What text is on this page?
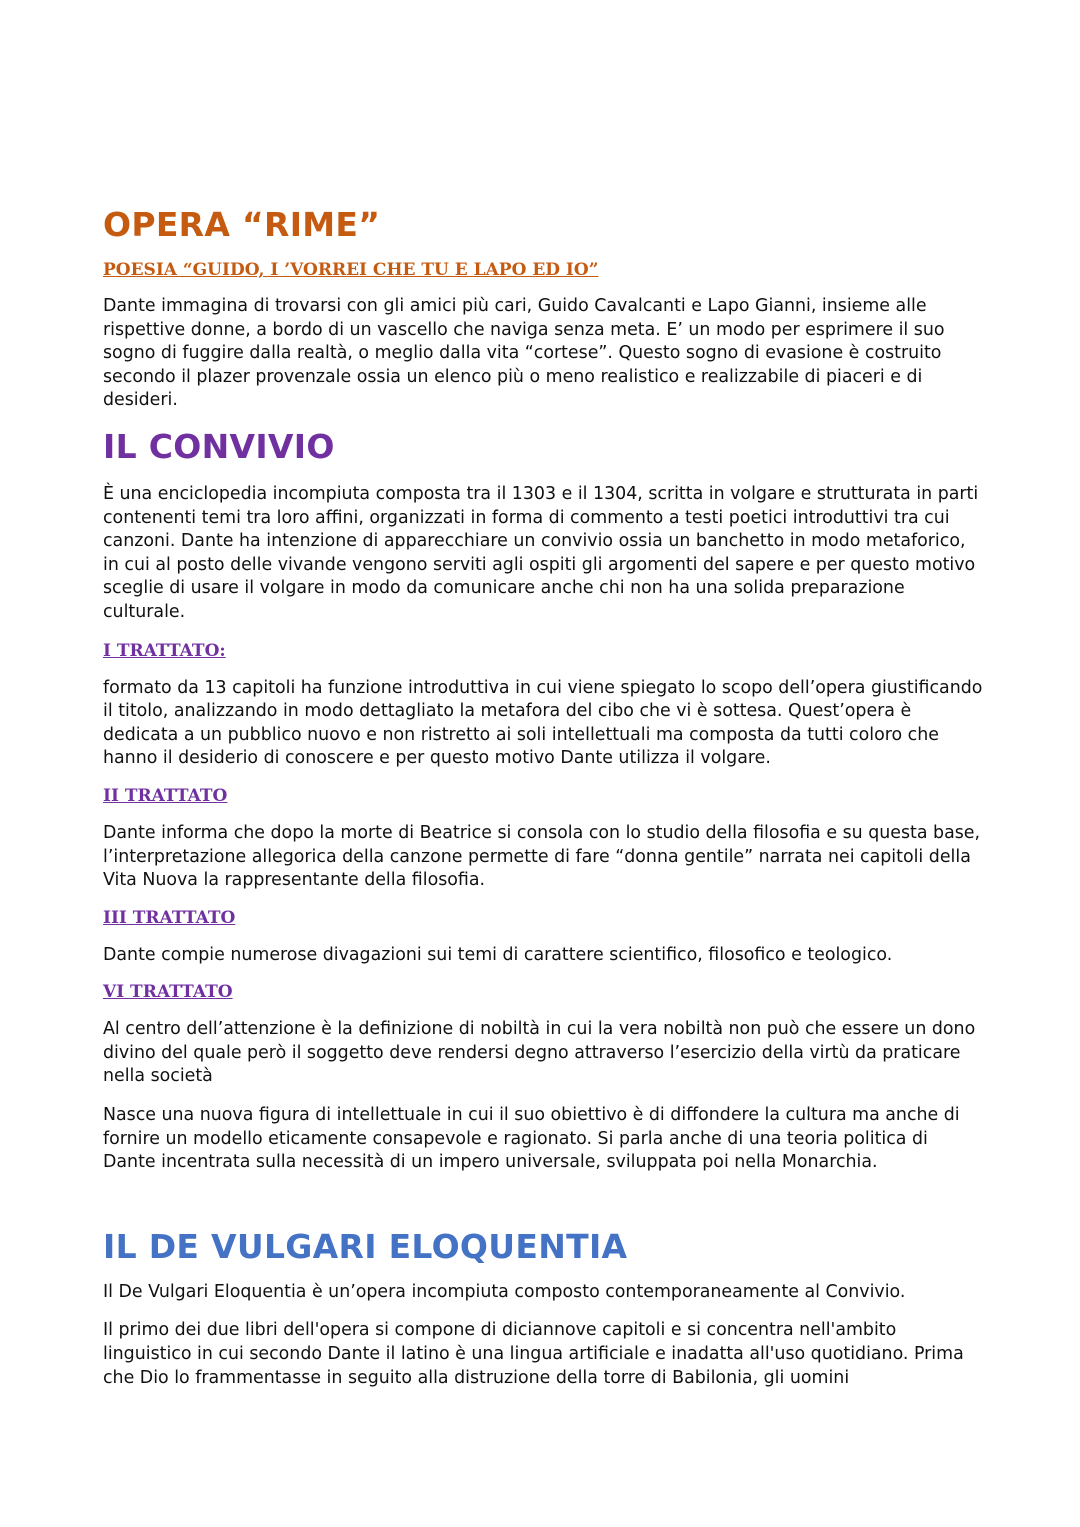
OPERA “RIME”

POESIA “GUIDO, I ’VORREI CHE TU E LAPO ED IO”

Dante immagina di trovarsi con gli amici più cari, Guido Cavalcanti e Lapo Gianni, insieme alle rispettive donne, a bordo di un vascello che naviga senza meta. E’ un modo per esprimere il suo sogno di fuggire dalla realtà, o meglio dalla vita “cortese”. Questo sogno di evasione è costruito secondo il plazer provenzale ossia un elenco più o meno realistico e realizzabile di piaceri e di desideri.

IL CONVIVIO

È una enciclopedia incompiuta composta tra il 1303 e il 1304, scritta in volgare e strutturata in parti contenenti temi tra loro affini, organizzati in forma di commento a testi poetici introduttivi tra cui canzoni. Dante ha intenzione di apparecchiare un convivio ossia un banchetto in modo metaforico, in cui al posto delle vivande vengono serviti agli ospiti gli argomenti del sapere e per questo motivo sceglie di usare il volgare in modo da comunicare anche chi non ha una solida preparazione culturale.

I TRATTATO:

formato da 13 capitoli ha funzione introduttiva in cui viene spiegato lo scopo dell’opera giustificando il titolo, analizzando in modo dettagliato la metafora del cibo che vi è sottesa. Quest’opera è dedicata a un pubblico nuovo e non ristretto ai soli intellettuali ma composta da tutti coloro che hanno il desiderio di conoscere e per questo motivo Dante utilizza il volgare.

II TRATTATO

Dante informa che dopo la morte di Beatrice si consola con lo studio della filosofia e su questa base, l’interpretazione allegorica della canzone permette di fare “donna gentile” narrata nei capitoli della Vita Nuova la rappresentante della filosofia.

III TRATTATO

Dante compie numerose divagazioni sui temi di carattere scientifico, filosofico e teologico.

VI TRATTATO

Al centro dell’attenzione è la definizione di nobiltà in cui la vera nobiltà non può che essere un dono divino del quale però il soggetto deve rendersi degno attraverso l’esercizio della virtù da praticare nella società

Nasce una nuova figura di intellettuale in cui il suo obiettivo è di diffondere la cultura ma anche di fornire un modello eticamente consapevole e ragionato. Si parla anche di una teoria politica di Dante incentrata sulla necessità di un impero universale, sviluppata poi nella Monarchia.

IL DE VULGARI ELOQUENTIA

Il De Vulgari Eloquentia è un’opera incompiuta composto contemporaneamente al Convivio.

Il primo dei due libri dell'opera si compone di diciannove capitoli e si concentra nell'ambito linguistico in cui secondo Dante il latino è una lingua artificiale e inadatta all'uso quotidiano. Prima che Dio lo frammentasse in seguito alla distruzione della torre di Babilonia, gli uomini
